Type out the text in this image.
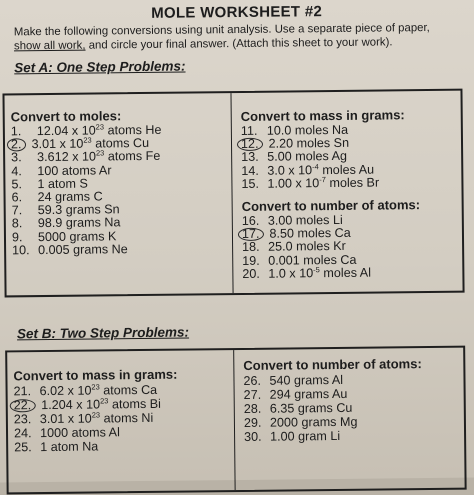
MOLE WORKSHEET #2
Make the following conversions using unit analysis. Use a separate piece of paper,
show all work, and circle your final answer. (Attach this sheet to your work).
Set A: One Step Problems:
Convert to moles:
1. 12.04 x $10^{23}$ atoms He
2. 3.01 x $10^{23}$ atoms Cu
3. 3.612 x $10^{23}$ atoms Fe
4. 100 atoms Ar
5. 1 atom S
6. 24 grams C
7. 59.3 grams Sn
8. 98.9 grams Na
9. 5000 grams K
10. 0.005 grams Ne
Convert to mass in grams:
11. 10.0 moles Na
12. 2.20 moles Sn
13. 5.00 moles Ag
14. 3.0 x $10^{-4}$ moles Au
15. 1.00 x $10^{-7}$ moles Br
Convert to number of atoms:
16. 3.00 moles Li
17. 8.50 moles Ca
18. 25.0 moles Kr
19. 0.001 moles Ca
20. 1.0 x $10^{-5}$ moles Al
Set B: Two Step Problems:
Convert to mass in grams:
21. 6.02 x $10^{23}$ atoms Ca
22. 1.204 x $10^{23}$ atoms Bi
23. 3.01 x $10^{23}$ atoms Ni
24. 1000 atoms Al
25. 1 atom Na
Convert to number of atoms:
26. 540 grams Al
27. 294 grams Au
28. 6.35 grams Cu
29. 2000 grams Mg
30. 1.00 gram Li
